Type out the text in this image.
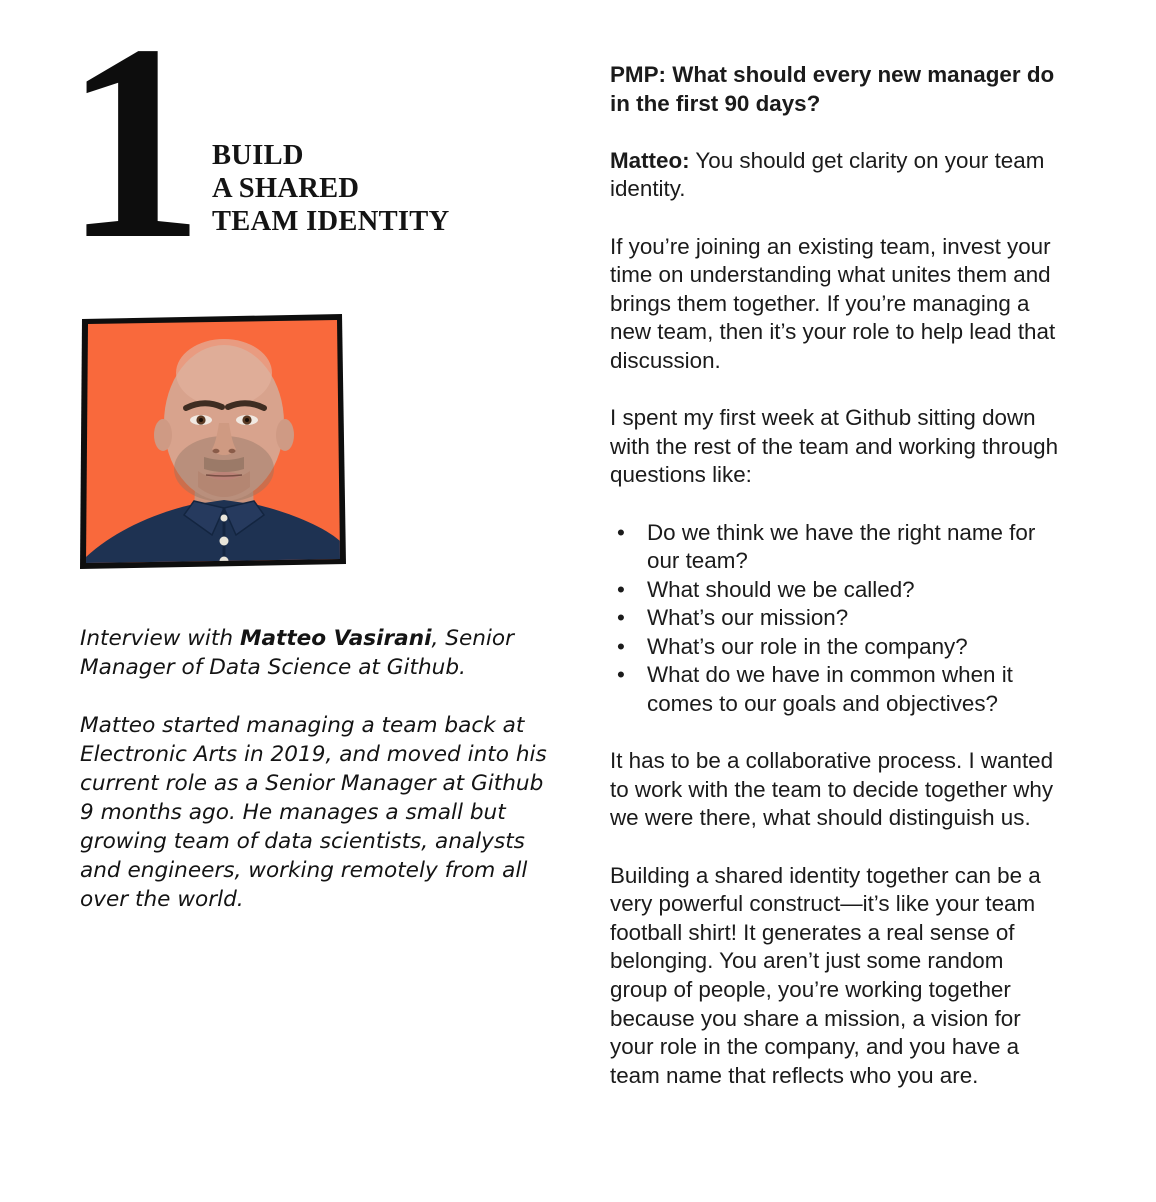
1 BUILD
A SHARED
TEAM IDENTITY

Interview with Matteo Vasirani, Senior Manager of Data Science at Github.

Matteo started managing a team back at Electronic Arts in 2019, and moved into his current role as a Senior Manager at Github 9 months ago. He manages a small but growing team of data scientists, analysts and engineers, working remotely from all over the world.

PMP: What should every new manager do in the first 90 days?

Matteo: You should get clarity on your team identity.

If you’re joining an existing team, invest your time on understanding what unites them and brings them together. If you’re managing a new team, then it’s your role to help lead that discussion.

I spent my first week at Github sitting down with the rest of the team and working through questions like:

• Do we think we have the right name for our team?
• What should we be called?
• What’s our mission?
• What’s our role in the company?
• What do we have in common when it comes to our goals and objectives?

It has to be a collaborative process. I wanted to work with the team to decide together why we were there, what should distinguish us.

Building a shared identity together can be a very powerful construct—it’s like your team football shirt! It generates a real sense of belonging. You aren’t just some random group of people, you’re working together because you share a mission, a vision for your role in the company, and you have a team name that reflects who you are.
